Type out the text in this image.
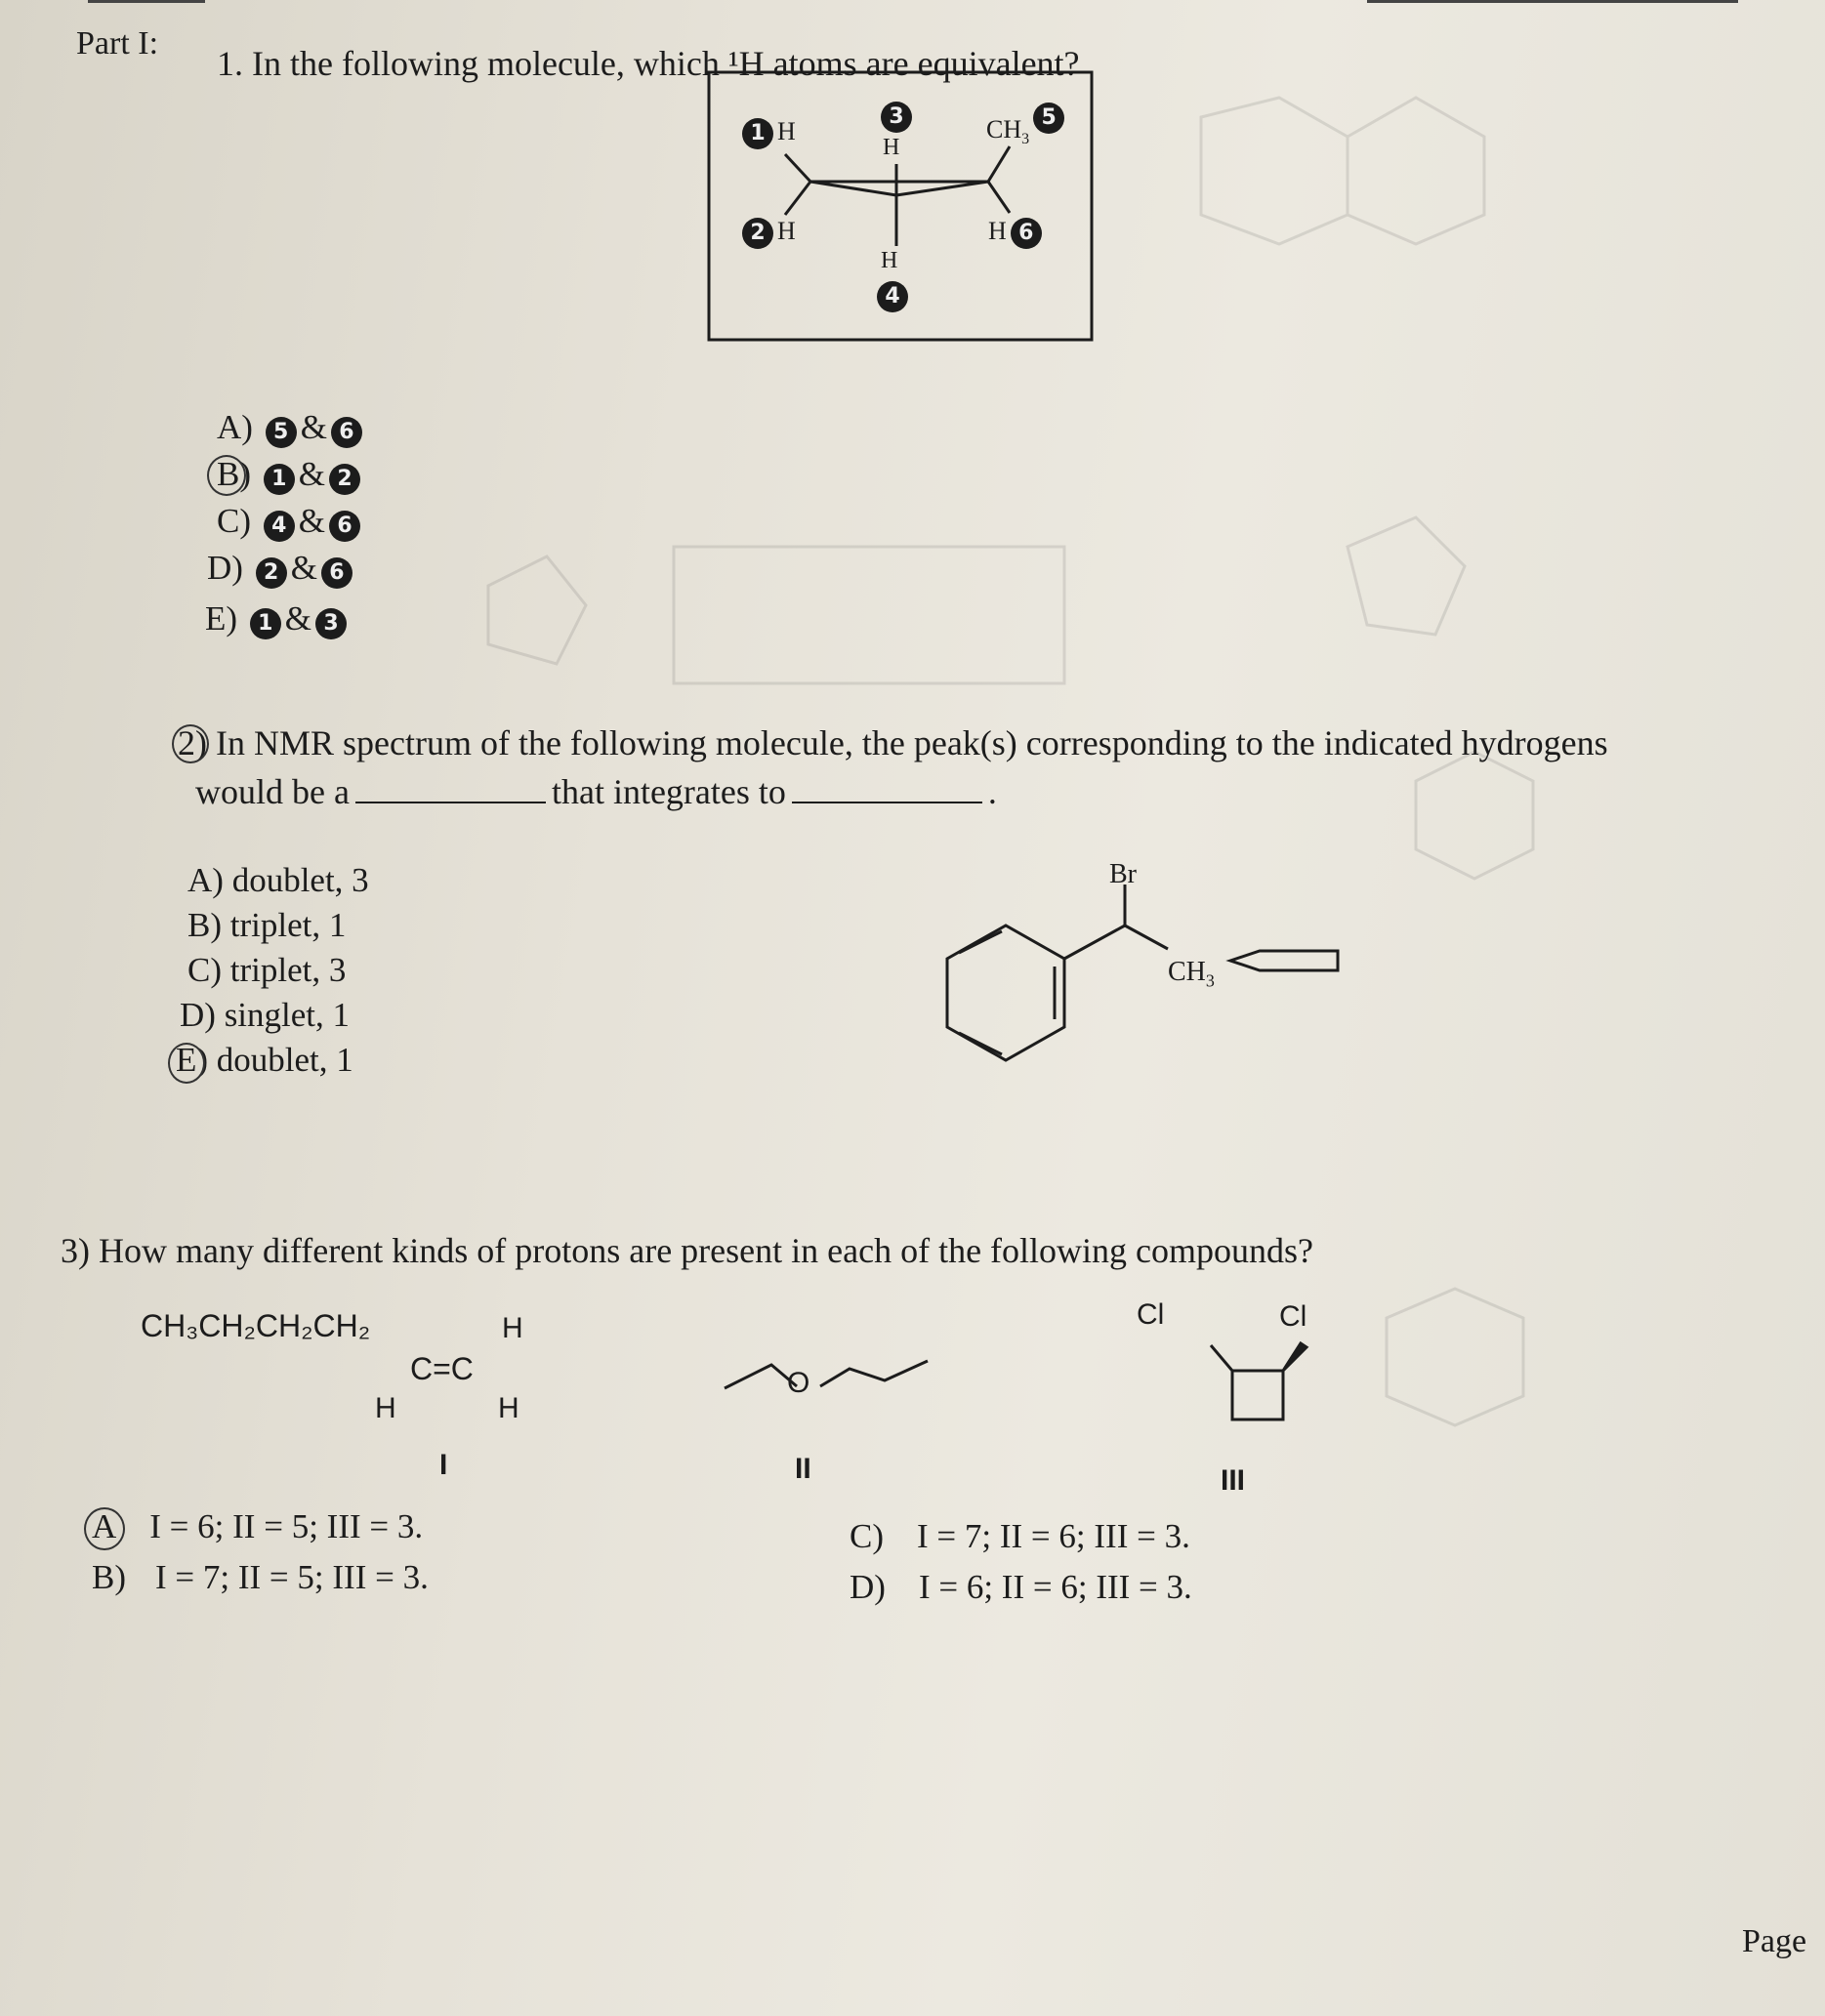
Part I:
1. In the following molecule, which ¹H atoms are equivalent?
1 H
3
H
$CH_35$
2 H	H 6
H
4
A) 5 & 6
B) 1 & 2
C) 4 & 6
D) 2 & 6
E) 1 & 3
2) In NMR spectrum of the following molecule, the peak(s) corresponding to the indicated hydrogens
would be a	that integrates to	.
A) doublet, 3
B) triplet, 1
C) triplet, 3
D) singlet, 1
E) doublet, 1
Br
$CH_3$
3) How many different kinds of protons are present in each of the following compounds?
CH₃CH₂CH₂CH₂	H
C=C
H	H
I
O
II
Cl	Cl
III
A I = 6; II = 5; III = 3.
B) I = 7; II = 5; III = 3.
C) I = 7; II = 6; III = 3.
D) I = 6; II = 6; III = 3.
Page
